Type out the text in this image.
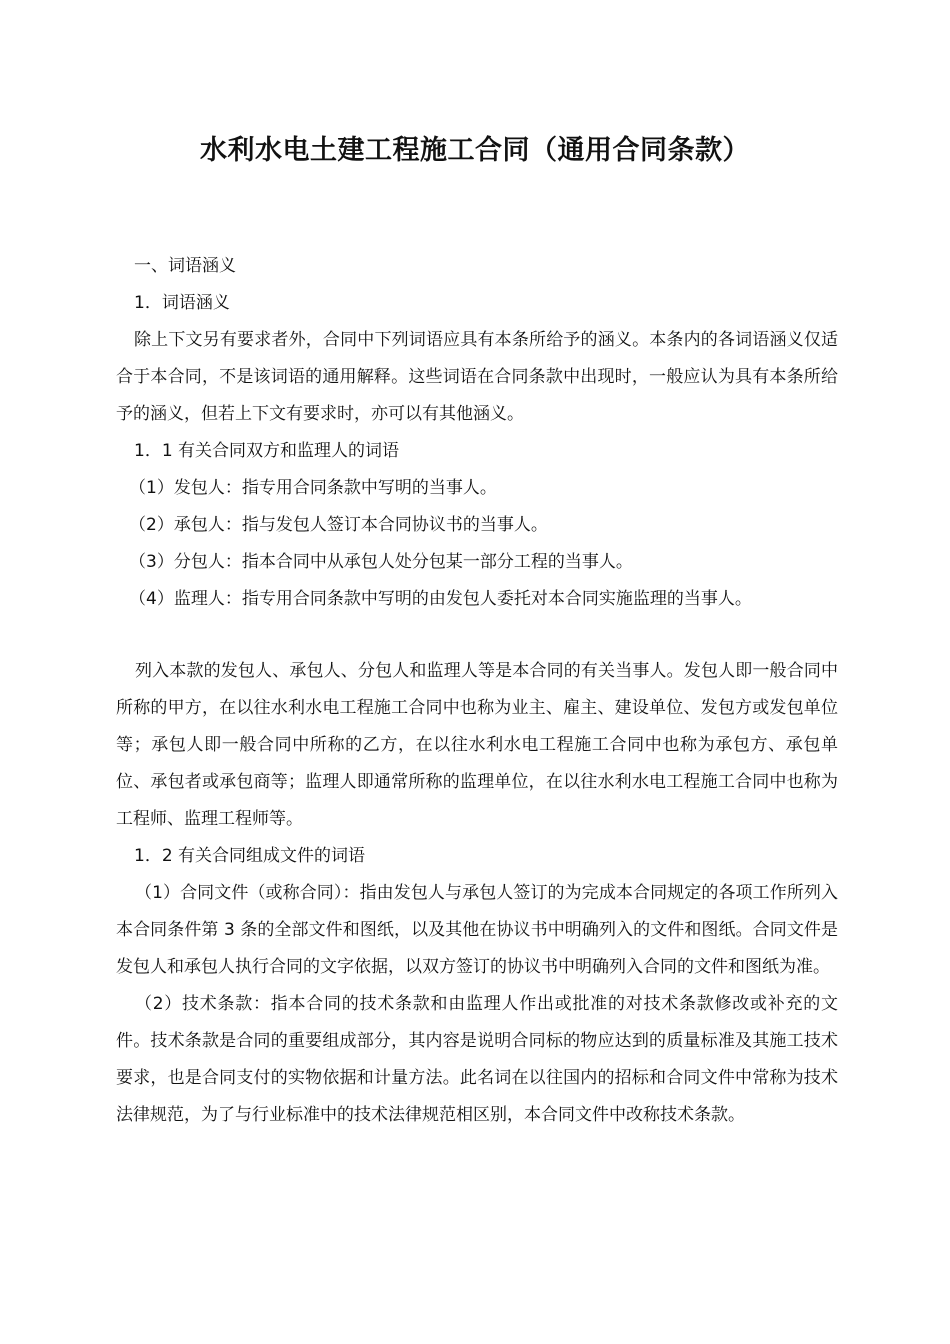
水利水电土建工程施工合同（通用合同条款）

一、词语涵义

1．词语涵义

除上下文另有要求者外，合同中下列词语应具有本条所给予的涵义。本条内的各词语涵义仅适合于本合同，不是该词语的通用解释。这些词语在合同条款中出现时，一般应认为具有本条所给予的涵义，但若上下文有要求时，亦可以有其他涵义。

1．1 有关合同双方和监理人的词语

（1）发包人：指专用合同条款中写明的当事人。

（2）承包人：指与发包人签订本合同协议书的当事人。

（3）分包人：指本合同中从承包人处分包某一部分工程的当事人。

（4）监理人：指专用合同条款中写明的由发包人委托对本合同实施监理的当事人。

列入本款的发包人、承包人、分包人和监理人等是本合同的有关当事人。发包人即一般合同中所称的甲方，在以往水利水电工程施工合同中也称为业主、雇主、建设单位、发包方或发包单位等；承包人即一般合同中所称的乙方，在以往水利水电工程施工合同中也称为承包方、承包单位、承包者或承包商等；监理人即通常所称的监理单位，在以往水利水电工程施工合同中也称为工程师、监理工程师等。

1．2 有关合同组成文件的词语

（1）合同文件（或称合同）：指由发包人与承包人签订的为完成本合同规定的各项工作所列入本合同条件第 3 条的全部文件和图纸，以及其他在协议书中明确列入的文件和图纸。合同文件是发包人和承包人执行合同的文字依据，以双方签订的协议书中明确列入合同的文件和图纸为准。

（2）技术条款：指本合同的技术条款和由监理人作出或批准的对技术条款修改或补充的文件。技术条款是合同的重要组成部分，其内容是说明合同标的物应达到的质量标准及其施工技术要求，也是合同支付的实物依据和计量方法。此名词在以往国内的招标和合同文件中常称为技术法律规范，为了与行业标准中的技术法律规范相区别，本合同文件中改称技术条款。
